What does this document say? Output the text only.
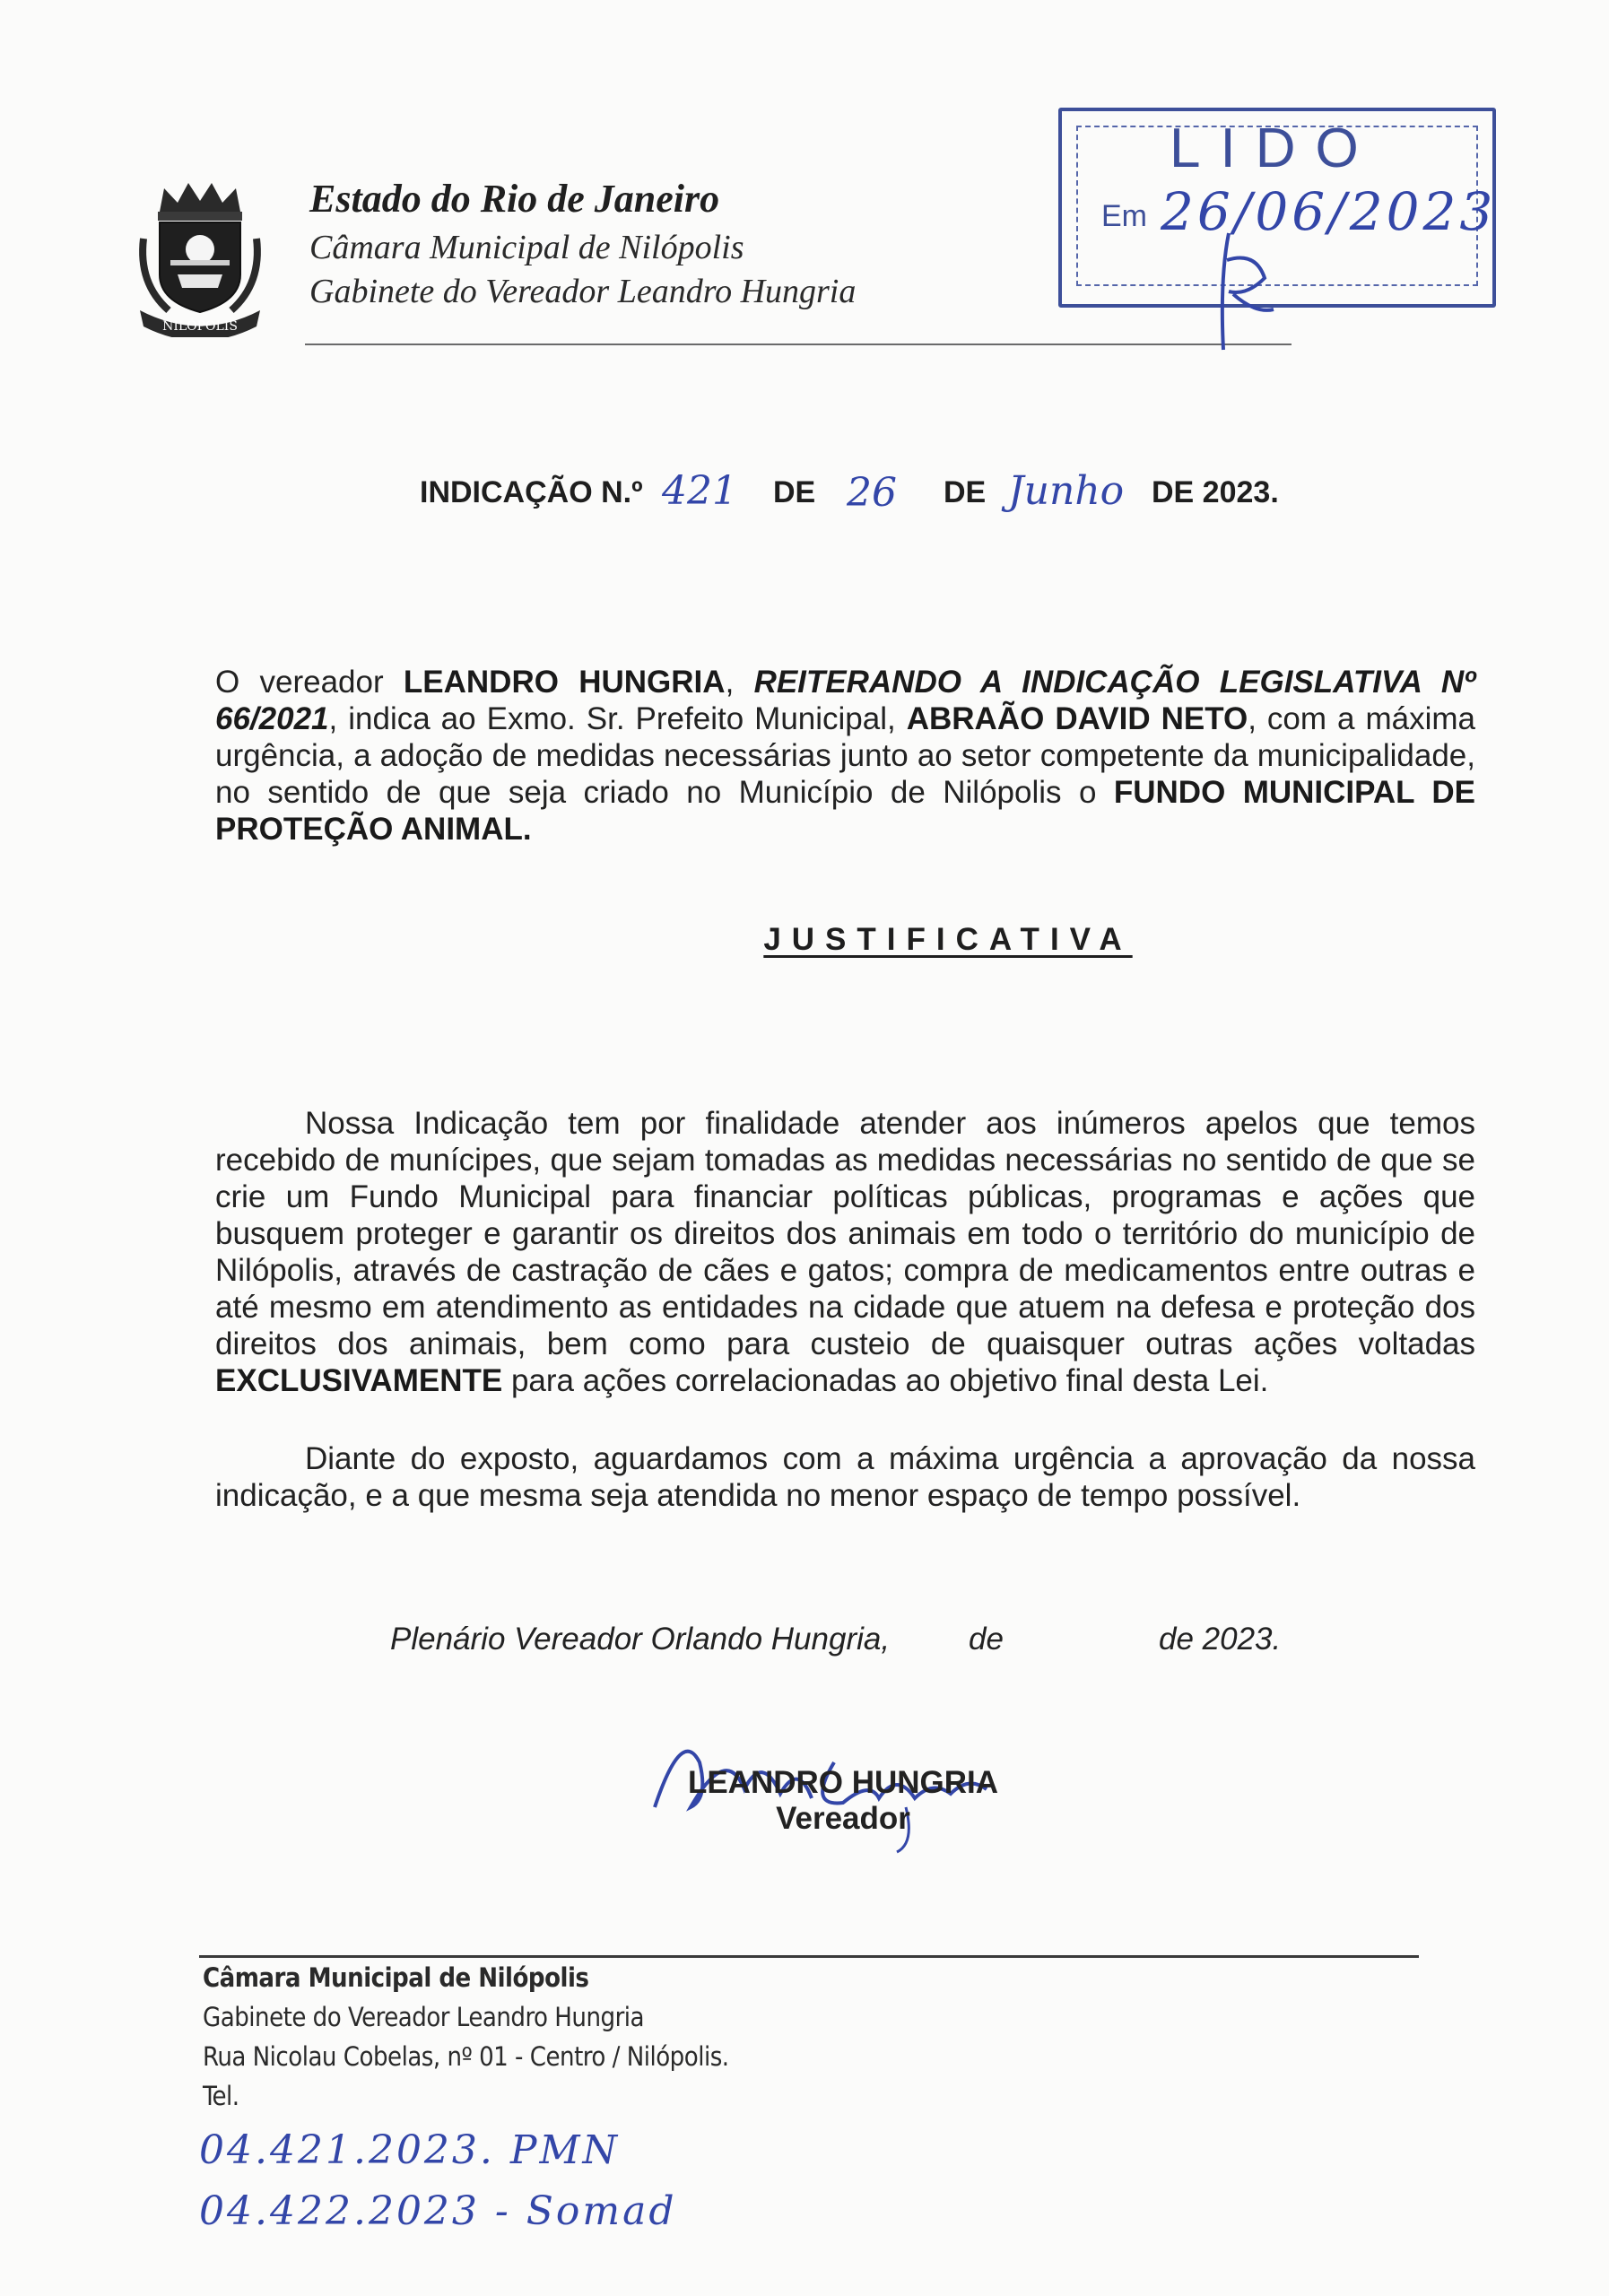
NILÓPOLIS
Estado do Rio de Janeiro
Câmara Municipal de Nilópolis
Gabinete do Vereador Leandro Hungria
LIDO
Em 26/06/2023
INDICAÇÃO N.º 421 DE 26 DE Junho DE 2023.
O vereador LEANDRO HUNGRIA, REITERANDO A INDICAÇÃO LEGISLATIVA Nº 66/2021, indica ao Exmo. Sr. Prefeito Municipal, ABRAÃO DAVID NETO, com a máxima urgência, a adoção de medidas necessárias junto ao setor competente da municipalidade, no sentido de que seja criado no Município de Nilópolis o FUNDO MUNICIPAL DE PROTEÇÃO ANIMAL.
JUSTIFICATIVA
Nossa Indicação tem por finalidade atender aos inúmeros apelos que temos recebido de munícipes, que sejam tomadas as medidas necessárias no sentido de que se crie um Fundo Municipal para financiar políticas públicas, programas e ações que busquem proteger e garantir os direitos dos animais em todo o território do município de Nilópolis, através de castração de cães e gatos; compra de medicamentos entre outras e até mesmo em atendimento as entidades na cidade que atuem na defesa e proteção dos direitos dos animais, bem como para custeio de quaisquer outras ações voltadas EXCLUSIVAMENTE para ações correlacionadas ao objetivo final desta Lei.
Diante do exposto, aguardamos com a máxima urgência a aprovação da nossa indicação, e a que mesma seja atendida no menor espaço de tempo possível.
Plenário Vereador Orlando Hungria,	de	de 2023.
LEANDRO HUNGRIA
Vereador
Câmara Municipal de Nilópolis
Gabinete do Vereador Leandro Hungria
Rua Nicolau Cobelas, nº 01 - Centro / Nilópolis.
Tel.
04.421.2023. PMN
04.422.2023 - Somad
